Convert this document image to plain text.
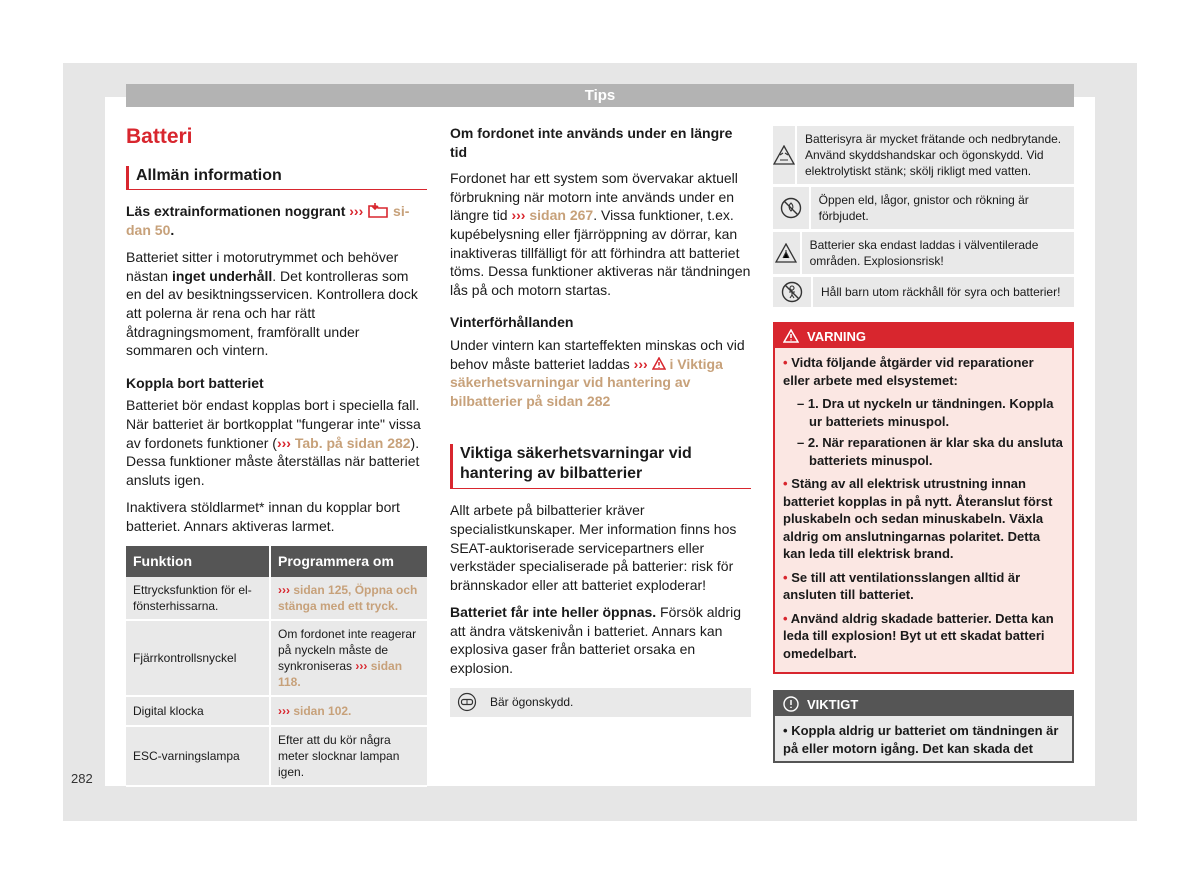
Tips
Batteri
Allmän information
Läs extrainformationen noggrant ››› si-
dan 50.
Batteriet sitter i motorutrymmet och behöver nästan inget underhåll. Det kontrolleras som en del av besiktningsservicen. Kontrollera dock att polerna är rena och har rätt åtdragningsmoment, framförallt under sommaren och vintern.
Koppla bort batteriet
Batteriet bör endast kopplas bort i speciella fall. När batteriet är bortkopplat "fungerar inte" vissa av fordonets funktioner (››› Tab. på sidan 282). Dessa funktioner måste återställas när batteriet ansluts igen.
Inaktivera stöldlarmet* innan du kopplar bort batteriet. Annars aktiveras larmet.
Funktion	Programmera om
Ettrycksfunktion för el-fönsterhissarna.	››› sidan 125, Öppna och stänga med ett tryck.
Fjärrkontrollsnyckel	Om fordonet inte reagerar på nyckeln måste de synkroniseras ››› sidan 118.
Digital klocka	››› sidan 102.
ESC-varningslampa	Efter att du kör några meter slocknar lampan igen.
Om fordonet inte används under en längre tid
Fordonet har ett system som övervakar aktuell förbrukning när motorn inte används under en längre tid ››› sidan 267. Vissa funktioner, t.ex. kupébelysning eller fjärröppning av dörrar, kan inaktiveras tillfälligt för att förhindra att batteriet töms. Dessa funktioner aktiveras när tändningen lås på och motorn startas.
Vinterförhållanden
Under vintern kan starteffekten minskas och vid behov måste batteriet laddas ››› i Viktiga säkerhetsvarningar vid hantering av bilbatterier på sidan 282
Viktiga säkerhetsvarningar vid hantering av bilbatterier
Allt arbete på bilbatterier kräver specialistkunskaper. Mer information finns hos SEAT-auktoriserade servicepartners eller verkstäder specialiserade på batterier: risk för brännskador eller att batteriet exploderar!
Batteriet får inte heller öppnas. Försök aldrig att ändra vätskenivån i batteriet. Annars kan explosiva gaser från batteriet orsaka en explosion.
Bär ögonskydd.
Batterisyra är mycket frätande och nedbrytande. Använd skyddshandskar och ögonskydd. Vid elektrolytiskt stänk; skölj rikligt med vatten.
Öppen eld, lågor, gnistor och rökning är förbjudet.
Batterier ska endast laddas i välventilerade områden. Explosionsrisk!
Håll barn utom räckhåll för syra och batterier!
VARNING
• Vidta följande åtgärder vid reparationer eller arbete med elsystemet:
– 1. Dra ut nyckeln ur tändningen. Koppla ur batteriets minuspol.
– 2. När reparationen är klar ska du ansluta batteriets minuspol.
• Stäng av all elektrisk utrustning innan batteriet kopplas in på nytt. Återanslut först pluskabeln och sedan minuskabeln. Växla aldrig om anslutningarnas polaritet. Detta kan leda till elektrisk brand.
• Se till att ventilationsslangen alltid är ansluten till batteriet.
• Använd aldrig skadade batterier. Detta kan leda till explosion! Byt ut ett skadat batteri omedelbart.
VIKTIGT
• Koppla aldrig ur batteriet om tändningen är på eller motorn igång. Det kan skada det
282
